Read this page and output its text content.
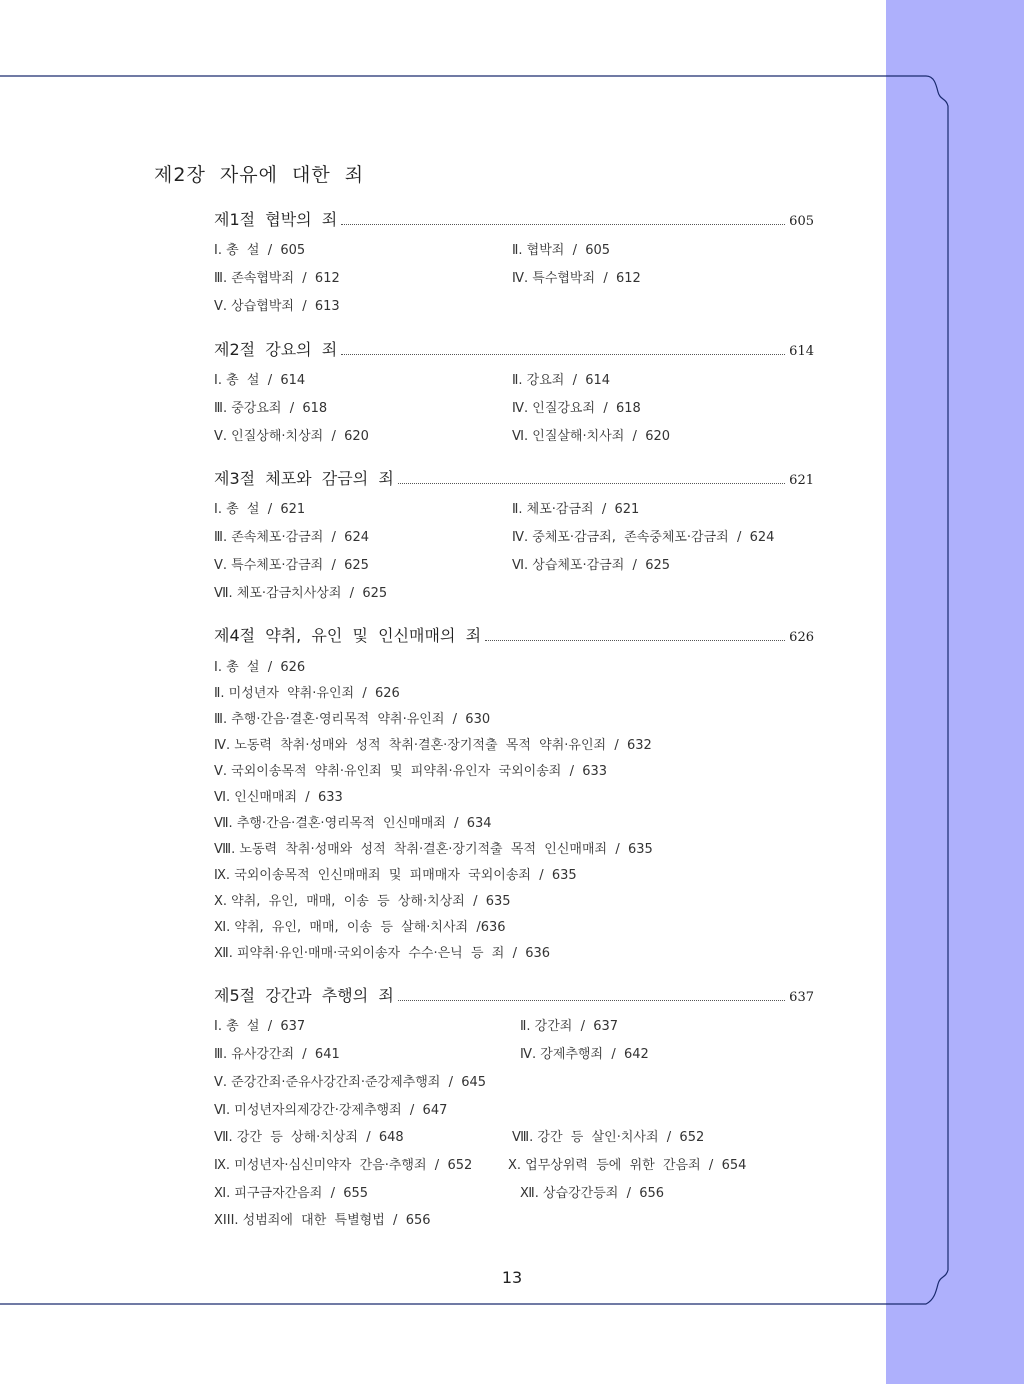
제2장  자유에  대한  죄
제1절  협박의  죄	605
Ⅰ. 총  설  /  605	Ⅱ. 협박죄  /  605
Ⅲ. 존속협박죄  /  612	Ⅳ. 특수협박죄  /  612
Ⅴ. 상습협박죄  /  613
제2절  강요의  죄	614
Ⅰ. 총  설  /  614	Ⅱ. 강요죄  /  614
Ⅲ. 중강요죄  /  618	Ⅳ. 인질강요죄  /  618
Ⅴ. 인질상해·치상죄  /  620	Ⅵ. 인질살해·치사죄  /  620
제3절  체포와  감금의  죄	621
Ⅰ. 총  설  /  621	Ⅱ. 체포·감금죄  /  621
Ⅲ. 존속체포·감금죄  /  624	Ⅳ. 중체포·감금죄,  존속중체포·감금죄  /  624
Ⅴ. 특수체포·감금죄  /  625	Ⅵ. 상습체포·감금죄  /  625
Ⅶ. 체포·감금치사상죄  /  625
제4절  약취,  유인  및  인신매매의  죄	626
Ⅰ. 총  설  /  626
Ⅱ. 미성년자  약취·유인죄  /  626
Ⅲ. 추행·간음·결혼·영리목적  약취·유인죄  /  630
Ⅳ. 노동력  착취·성매와  성적  착취·결혼·장기적출  목적  약취·유인죄  /  632
Ⅴ. 국외이송목적  약취·유인죄  및  피약취·유인자  국외이송죄  /  633
Ⅵ. 인신매매죄  /  633
Ⅶ. 추행·간음·결혼·영리목적  인신매매죄  /  634
Ⅷ. 노동력  착취·성매와  성적  착취·결혼·장기적출  목적  인신매매죄  /  635
Ⅸ. 국외이송목적  인신매매죄  및  피매매자  국외이송죄  /  635
Ⅹ. 약취,  유인,  매매,  이송  등  상해·치상죄  /  635
Ⅺ. 약취,  유인,  매매,  이송  등  살해·치사죄  /636
Ⅻ. 피약취·유인·매매·국외이송자  수수·은닉  등  죄  /  636
제5절  강간과  추행의  죄	637
Ⅰ. 총  설  /  637	Ⅱ. 강간죄  /  637
Ⅲ. 유사강간죄  /  641	Ⅳ. 강제추행죄  /  642
Ⅴ. 준강간죄·준유사강간죄·준강제추행죄  /  645
Ⅵ. 미성년자의제강간·강제추행죄  /  647
Ⅶ. 강간  등  상해·치상죄  /  648	Ⅷ. 강간  등  살인·치사죄  /  652
Ⅸ. 미성년자·심신미약자  간음·추행죄  /  652	Ⅹ. 업무상위력  등에  위한  간음죄  /  654
Ⅺ. 피구금자간음죄  /  655	Ⅻ. 상습강간등죄  /  656
XIII. 성범죄에  대한  특별형법  /  656
13
